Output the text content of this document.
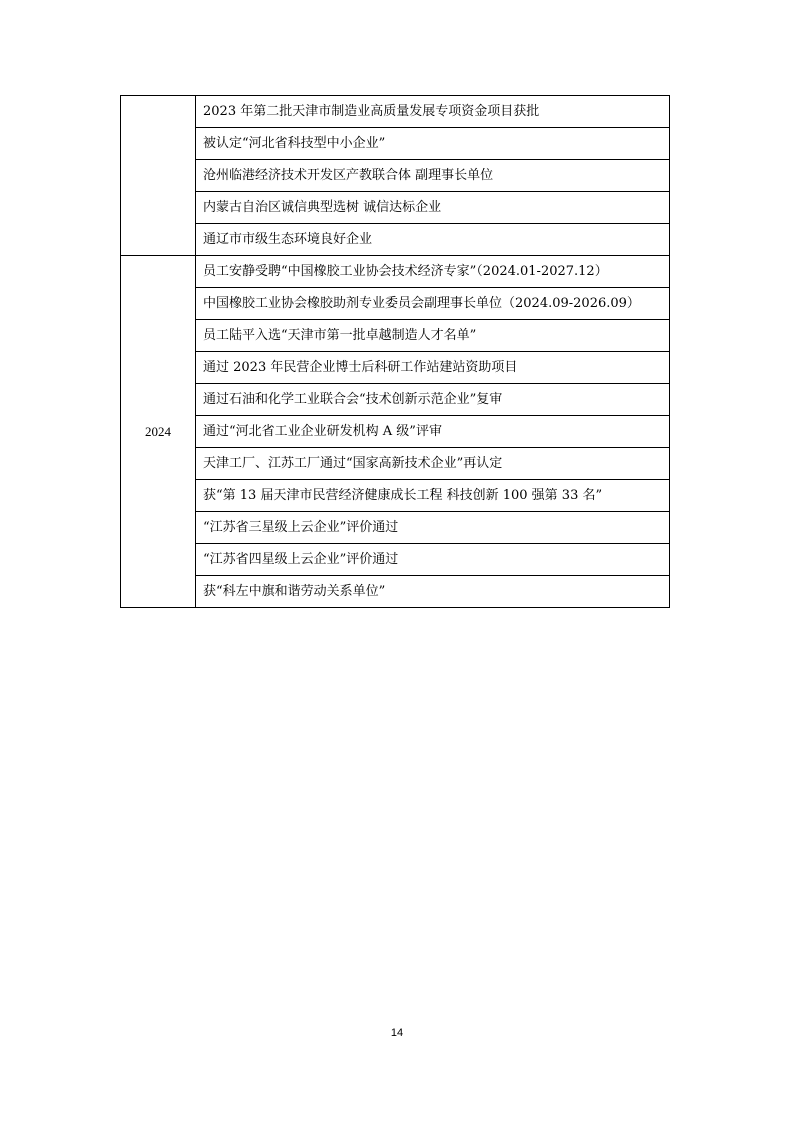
	2023 年第二批天津市制造业高质量发展专项资金项目获批
	被认定“河北省科技型中小企业”
	沧州临港经济技术开发区产教联合体 副理事长单位
	内蒙古自治区诚信典型选树 诚信达标企业
	通辽市市级生态环境良好企业
2024	员工安静受聘“中国橡胶工业协会技术经济专家”（2024.01-2027.12）
	中国橡胶工业协会橡胶助剂专业委员会副理事长单位（2024.09-2026.09）
	员工陆平入选“天津市第一批卓越制造人才名单”
	通过 2023 年民营企业博士后科研工作站建站资助项目
	通过石油和化学工业联合会“技术创新示范企业”复审
	通过“河北省工业企业研发机构 A 级”评审
	天津工厂、江苏工厂通过“国家高新技术企业”再认定
	获“第 13 届天津市民营经济健康成长工程 科技创新 100 强第 33 名”
	“江苏省三星级上云企业”评价通过
	“江苏省四星级上云企业”评价通过
	获“科左中旗和谐劳动关系单位”
14
